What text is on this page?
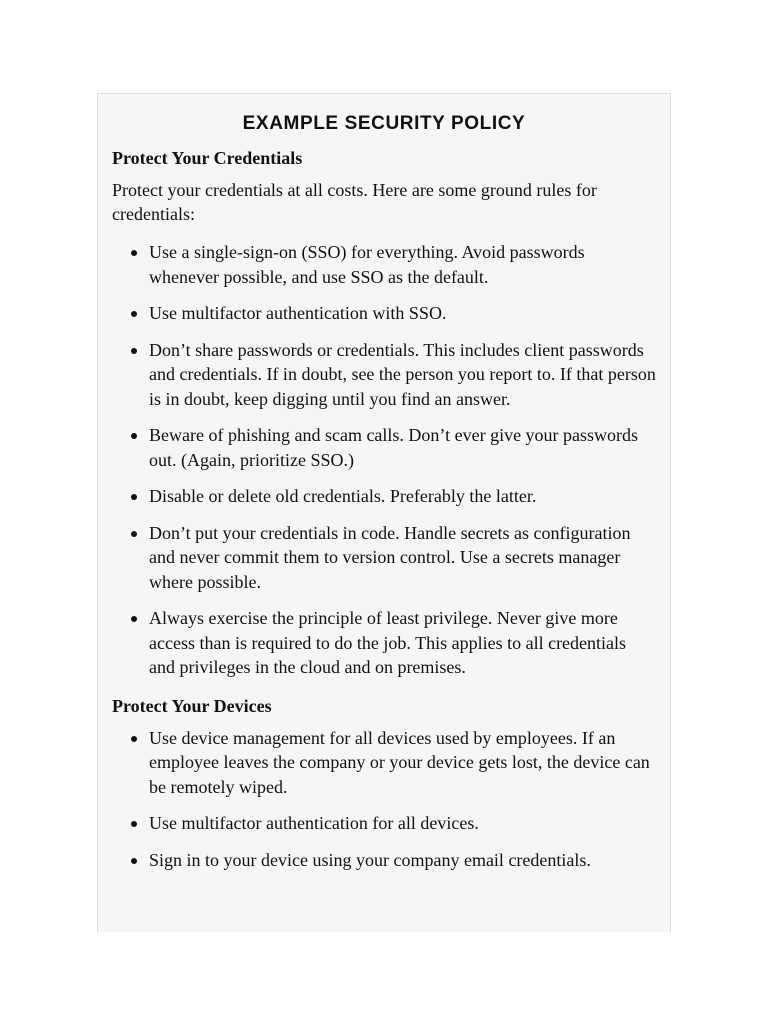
EXAMPLE SECURITY POLICY
Protect Your Credentials

Protect your credentials at all costs. Here are some ground rules for credentials:

Use a single-sign-on (SSO) for everything. Avoid passwords whenever possible, and use SSO as the default.
Use multifactor authentication with SSO.
Don’t share passwords or credentials. This includes client passwords and credentials. If in doubt, see the person you report to. If that person is in doubt, keep digging until you find an answer.
Beware of phishing and scam calls. Don’t ever give your passwords out. (Again, prioritize SSO.)
Disable or delete old credentials. Preferably the latter.
Don’t put your credentials in code. Handle secrets as configuration and never commit them to version control. Use a secrets manager where possible.
Always exercise the principle of least privilege. Never give more access than is required to do the job. This applies to all credentials and privileges in the cloud and on premises.
Protect Your Devices
Use device management for all devices used by employees. If an employee leaves the company or your device gets lost, the device can be remotely wiped.
Use multifactor authentication for all devices.
Sign in to your device using your company email credentials.
